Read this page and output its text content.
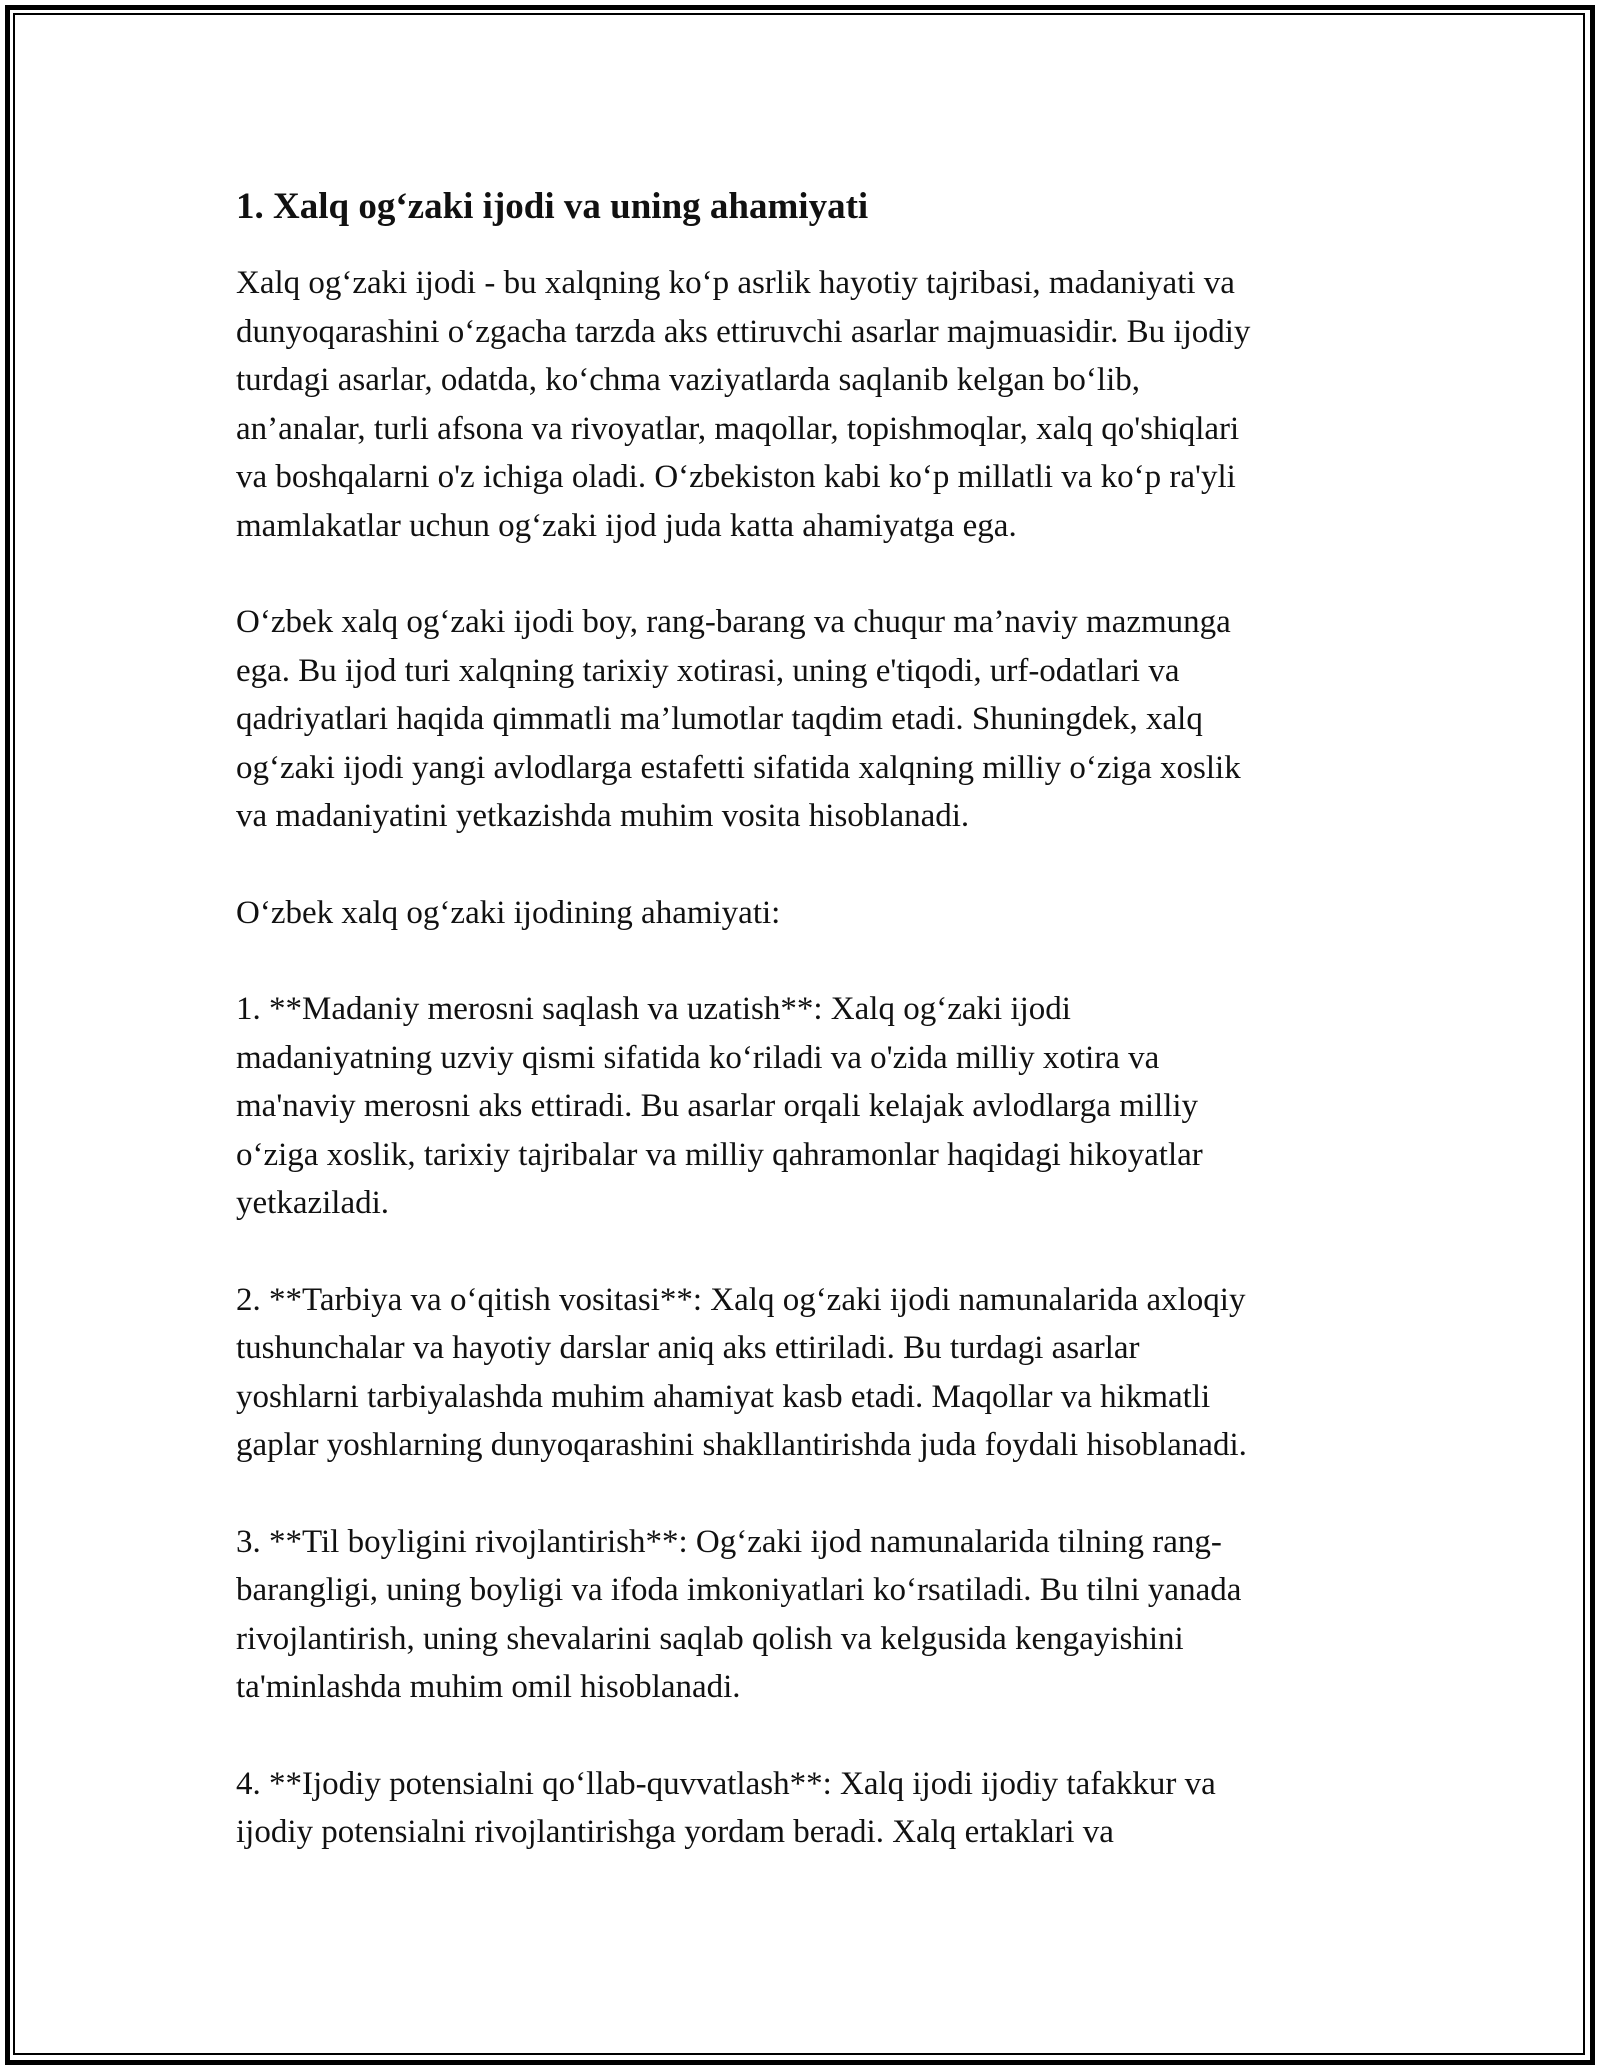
1. Xalq og‘zaki ijodi va uning ahamiyati
Xalq og‘zaki ijodi - bu xalqning ko‘p asrlik hayotiy tajribasi, madaniyati va
dunyoqarashini o‘zgacha tarzda aks ettiruvchi asarlar majmuasidir. Bu ijodiy
turdagi asarlar, odatda, ko‘chma vaziyatlarda saqlanib kelgan bo‘lib,
an’analar, turli afsona va rivoyatlar, maqollar, topishmoqlar, xalq qo'shiqlari
va boshqalarni o'z ichiga oladi. O‘zbekiston kabi ko‘p millatli va ko‘p ra'yli
mamlakatlar uchun og‘zaki ijod juda katta ahamiyatga ega.
O‘zbek xalq og‘zaki ijodi boy, rang-barang va chuqur ma’naviy mazmunga
ega. Bu ijod turi xalqning tarixiy xotirasi, uning e'tiqodi, urf-odatlari va
qadriyatlari haqida qimmatli ma’lumotlar taqdim etadi. Shuningdek, xalq
og‘zaki ijodi yangi avlodlarga estafetti sifatida xalqning milliy o‘ziga xoslik
va madaniyatini yetkazishda muhim vosita hisoblanadi.
O‘zbek xalq og‘zaki ijodining ahamiyati:
1. **Madaniy merosni saqlash va uzatish**: Xalq og‘zaki ijodi
madaniyatning uzviy qismi sifatida ko‘riladi va o'zida milliy xotira va
ma'naviy merosni aks ettiradi. Bu asarlar orqali kelajak avlodlarga milliy
o‘ziga xoslik, tarixiy tajribalar va milliy qahramonlar haqidagi hikoyatlar
yetkaziladi.
2. **Tarbiya va o‘qitish vositasi**: Xalq og‘zaki ijodi namunalarida axloqiy
tushunchalar va hayotiy darslar aniq aks ettiriladi. Bu turdagi asarlar
yoshlarni tarbiyalashda muhim ahamiyat kasb etadi. Maqollar va hikmatli
gaplar yoshlarning dunyoqarashini shakllantirishda juda foydali hisoblanadi.
3. **Til boyligini rivojlantirish**: Og‘zaki ijod namunalarida tilning rang-
barangligi, uning boyligi va ifoda imkoniyatlari ko‘rsatiladi. Bu tilni yanada
rivojlantirish, uning shevalarini saqlab qolish va kelgusida kengayishini
ta'minlashda muhim omil hisoblanadi.
4. **Ijodiy potensialni qo‘llab-quvvatlash**: Xalq ijodi ijodiy tafakkur va
ijodiy potensialni rivojlantirishga yordam beradi. Xalq ertaklari va
